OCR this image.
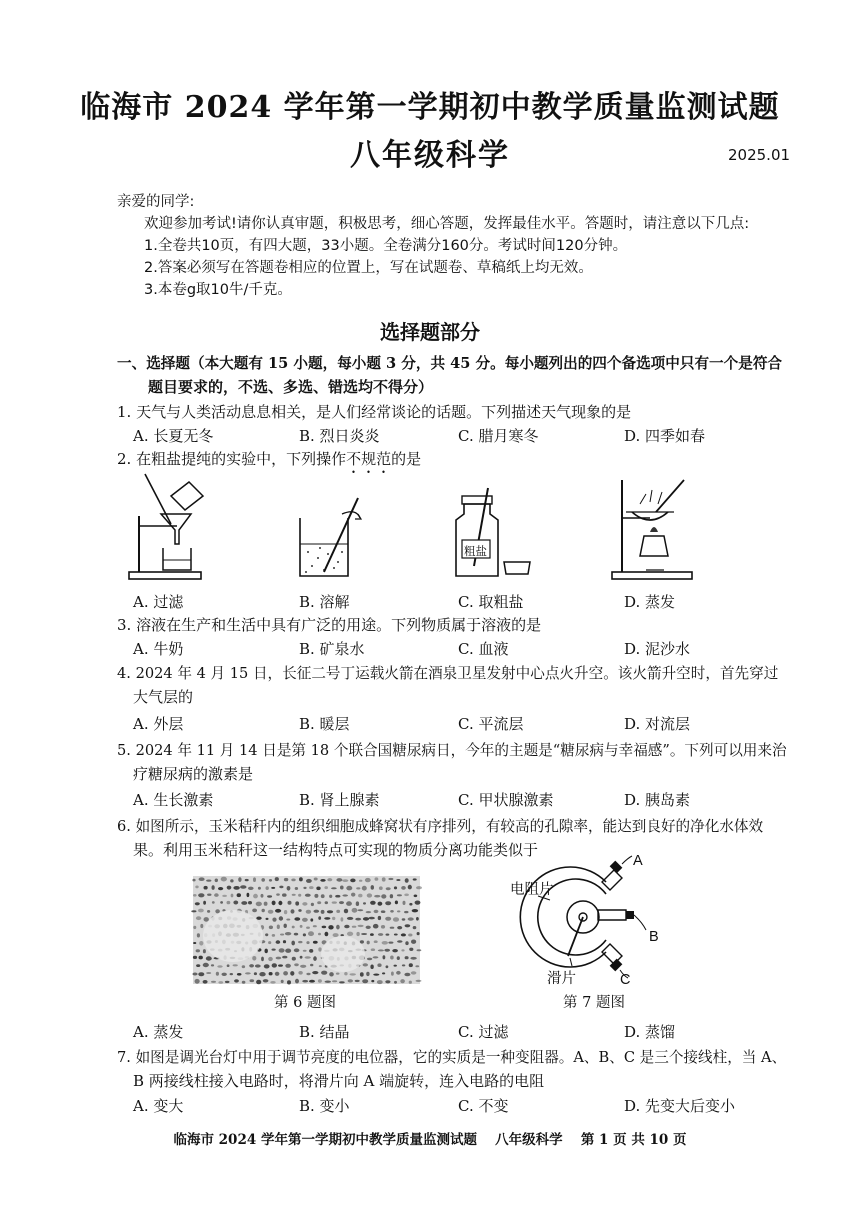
临海市 2024 学年第一学期初中教学质量监测试题
八年级科学	2025.01
亲爱的同学:
欢迎参加考试!请你认真审题，积极思考，细心答题，发挥最佳水平。答题时，请注意以下几点:
1.全卷共10页，有四大题，33小题。全卷满分160分。考试时间120分钟。
2.答案必须写在答题卷相应的位置上，写在试题卷、草稿纸上均无效。
3.本卷g取10牛/千克。
选择题部分
一、选择题（本大题有 15 小题，每小题 3 分，共 45 分。每小题列出的四个备选项中只有一个是符合
题目要求的，不选、多选、错选均不得分）
1. 天气与人类活动息息相关，是人们经常谈论的话题。下列描述天气现象的是
A. 长夏无冬	B. 烈日炎炎	C. 腊月寒冬	D. 四季如春
2. 在粗盐提纯的实验中，下列操作不规范的是
粗盐
A. 过滤	B. 溶解	C. 取粗盐	D. 蒸发
3. 溶液在生产和生活中具有广泛的用途。下列物质属于溶液的是
A. 牛奶	B. 矿泉水	C. 血液	D. 泥沙水
4. 2024 年 4 月 15 日，长征二号丁运载火箭在酒泉卫星发射中心点火升空。该火箭升空时，首先穿过
大气层的
A. 外层	B. 暖层	C. 平流层	D. 对流层
5. 2024 年 11 月 14 日是第 18 个联合国糖尿病日，今年的主题是“糖尿病与幸福感”。下列可以用来治
疗糖尿病的激素是
A. 生长激素	B. 肾上腺素	C. 甲状腺激素	D. 胰岛素
6. 如图所示，玉米秸秆内的组织细胞成蜂窝状有序排列，有较高的孔隙率，能达到良好的净化水体效
果。利用玉米秸秆这一结构特点可实现的物质分离功能类似于
第 6 题图
电阻片
滑片
A
B
C
第 7 题图
A. 蒸发	B. 结晶	C. 过滤	D. 蒸馏
7. 如图是调光台灯中用于调节亮度的电位器，它的实质是一种变阻器。A、B、C 是三个接线柱，当 A、
B 两接线柱接入电路时，将滑片向 A 端旋转，连入电路的电阻
A. 变大	B. 变小	C. 不变	D. 先变大后变小
临海市 2024 学年第一学期初中教学质量监测试题　 八年级科学　 第 1 页 共 10 页
